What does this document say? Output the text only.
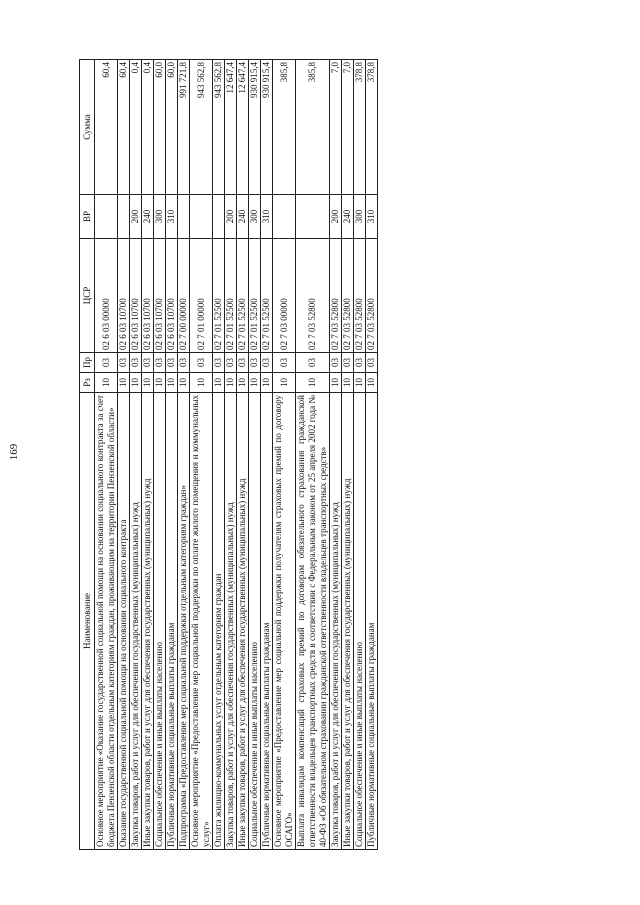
169
Наименование	Рз	Пр	ЦСР	ВР	Сумма
Основное мероприятие «Оказание государственной социальной помощи на основании социального контракта за счет бюджета Пензенской области отдельным категориям граждан, проживающим на территории Пензенской области»	10	03	02 6 03 00000		60,4
Оказание государственной социальной помощи на основании социального контракта	10	03	02 6 03 10700		60,4
Закупка товаров, работ и услуг для обеспечения государственных (муниципальных) нужд	10	03	02 6 03 10700	200	0,4
Иные закупки товаров, работ и услуг для обеспечения государственных (муниципальных) нужд	10	03	02 6 03 10700	240	0,4
Социальное обеспечение и иные выплаты населению	10	03	02 6 03 10700	300	60,0
Публичные нормативные социальные выплаты гражданам	10	03	02 6 03 10700	310	60,0
Подпрограмма «Предоставление мер социальной поддержки отдельным категориям граждан»	10	03	02 7 00 00000		991 721,8
Основное мероприятие «Предоставление мер социальной поддержки по оплате жилого помещения и коммунальных услуг»	10	03	02 7 01 00000		943 562,8
Оплата жилищно-коммунальных услуг отдельным категориям граждан	10	03	02 7 01 52500		943 562,8
Закупка товаров, работ и услуг для обеспечения государственных (муниципальных) нужд	10	03	02 7 01 52500	200	12 647,4
Иные закупки товаров, работ и услуг для обеспечения государственных (муниципальных) нужд	10	03	02 7 01 52500	240	12 647,4
Социальное обеспечение и иные выплаты населению	10	03	02 7 01 52500	300	930 915,4
Публичные нормативные социальные выплаты гражданам	10	03	02 7 01 52500	310	930 915,4
Основное мероприятие «Предоставление мер социальной поддержки получателям страховых премий по договору ОСАГО»	10	03	02 7 03 00000		385,8
Выплата инвалидам компенсаций страховых премий по договорам обязательного страхования гражданской ответственности владельцев транспортных средств в соответствии с Федеральным законом от 25 апреля 2002 года № 40-ФЗ «Об обязательном страховании гражданской ответственности владельцев транспортных средств»	10	03	02 7 03 52800		385,8
Закупка товаров, работ и услуг для обеспечения государственных (муниципальных) нужд	10	03	02 7 03 52800	200	7,0
Иные закупки товаров, работ и услуг для обеспечения государственных (муниципальных) нужд	10	03	02 7 03 52800	240	7,0
Социальное обеспечение и иные выплаты населению	10	03	02 7 03 52800	300	378,8
Публичные нормативные социальные выплаты гражданам	10	03	02 7 03 52800	310	378,8
